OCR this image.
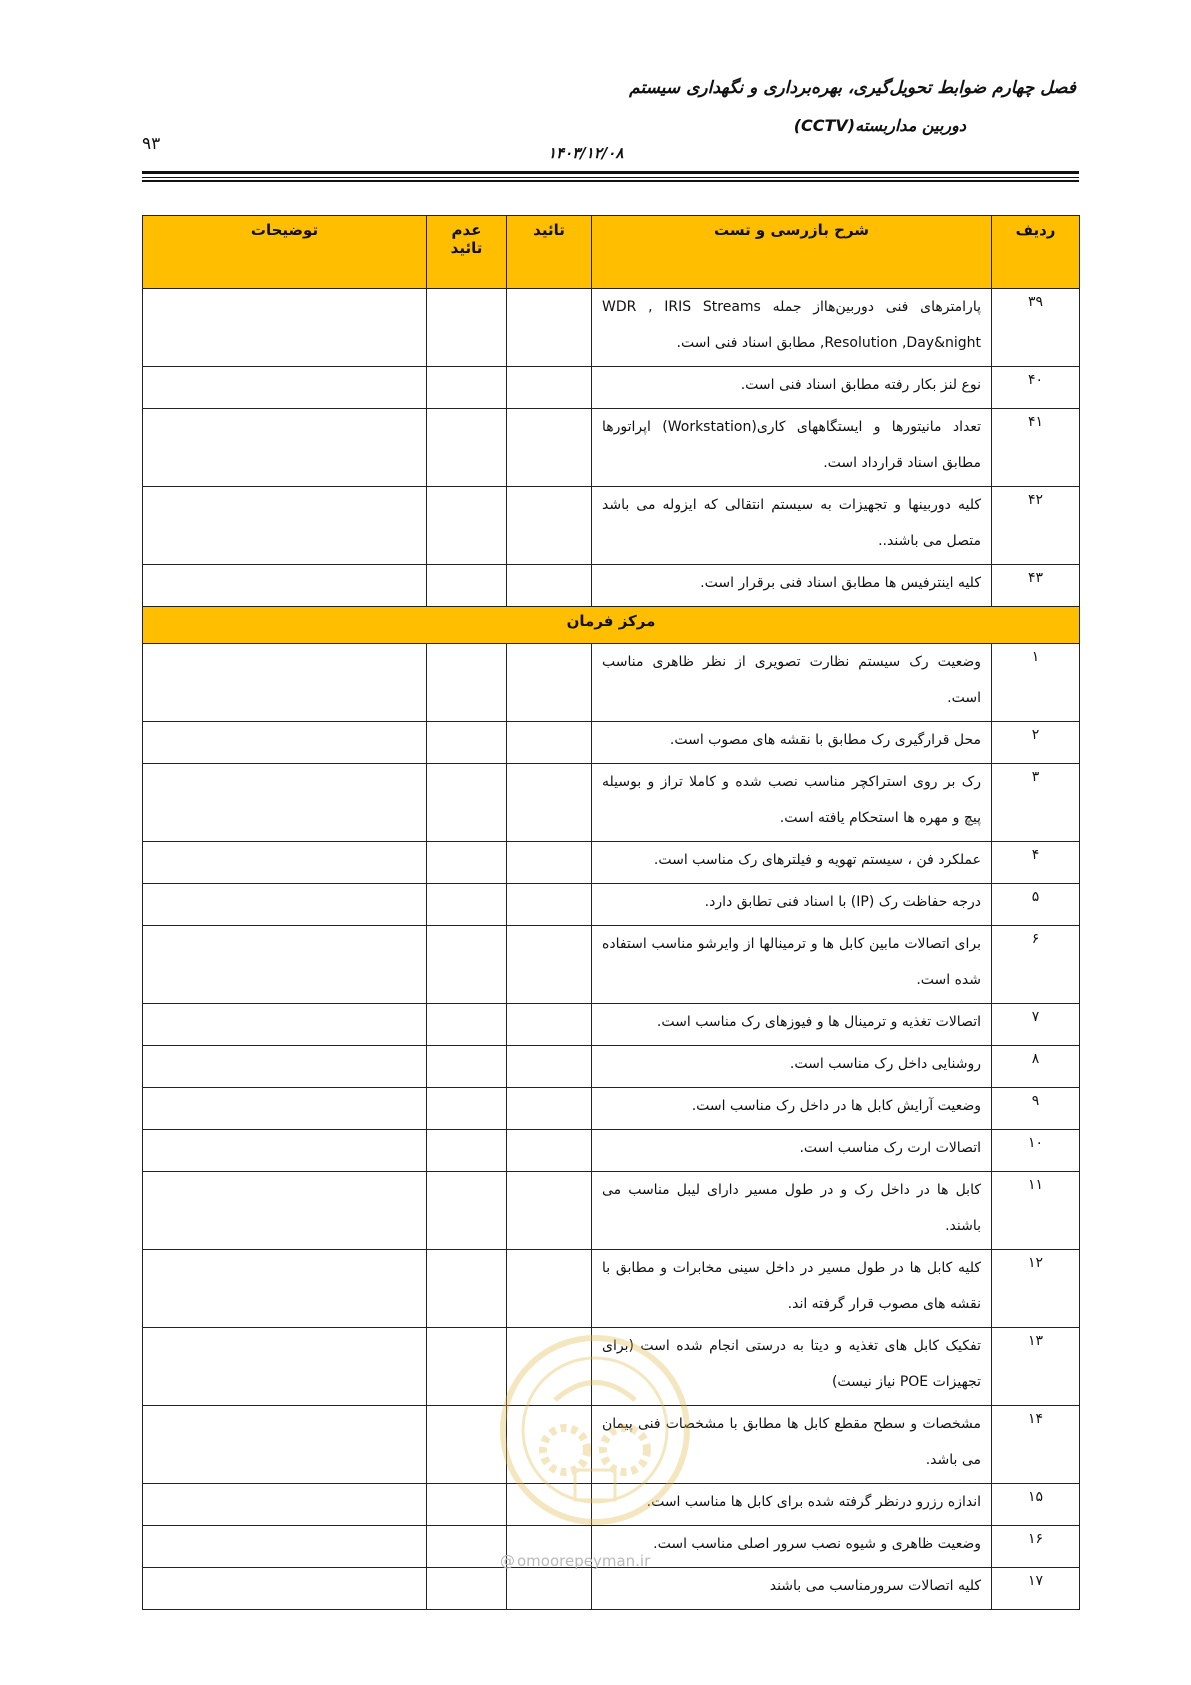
فصل چهارم ضوابط تحویل‌گیری، بهره‌برداری و نگهداری سیستم
دوربین مداربسته(CCTV)
۱۴۰۳/۱۲/۰۸
۹۳
ردیف	شرح بازرسی و تست	تائید	عدم تائید	توضیحات
۳۹	پارامترهای فنی دوربین‌هااز جمله WDR , IRIS Streams ,Resolution ,Day&night مطابق اسناد فنی است.			
۴۰	نوع لنز بکار رفته مطابق اسناد فنی است.			
۴۱	تعداد مانیتورها و ایستگاههای کاری(Workstation) اپراتورها مطابق اسناد قرارداد است.			
۴۲	کلیه دوربینها و تجهیزات به سیستم انتقالی که ایزوله می باشد متصل می باشند..			
۴۳	کلیه اینترفیس ها مطابق اسناد فنی برقرار است.			
مرکز فرمان				
۱	وضعیت رک سیستم نظارت تصویری از نظر ظاهری مناسب است.			
۲	محل قرارگیری رک مطابق با نقشه های مصوب است.			
۳	رک بر روی استراکچر مناسب نصب شده و کاملا تراز و بوسیله پیچ و مهره ها استحکام یافته است.			
۴	عملکرد فن ، سیستم تهویه و فیلترهای رک مناسب است.			
۵	درجه حفاظت رک (IP) با اسناد فنی تطابق دارد.			
۶	برای اتصالات مابین کابل ها و ترمینالها از وایرشو مناسب استفاده شده است.			
۷	اتصالات تغذیه و ترمینال ها و فیوزهای رک مناسب است.			
۸	روشنایی داخل رک مناسب است.			
۹	وضعیت آرایش کابل ها در داخل رک مناسب است.			
۱۰	اتصالات ارت رک مناسب است.			
۱۱	کابل ها در داخل رک و در طول مسیر دارای لیبل مناسب می باشند.			
۱۲	کلیه کابل ها در طول مسیر در داخل سینی مخابرات و مطابق با نقشه های مصوب قرار گرفته اند.			
۱۳	تفکیک کابل های تغذیه و دیتا به درستی انجام شده است (برای تجهیزات POE نیاز نیست)			
۱۴	مشخصات و سطح مقطع کابل ها مطابق با مشخصات فنی پیمان می باشد.			
۱۵	اندازه رزرو درنظر گرفته شده برای کابل ها مناسب است.			
۱۶	وضعیت ظاهری و شیوه نصب سرور اصلی مناسب است.			
۱۷	کلیه اتصالات سرورمناسب می باشند			
@ omoorepeyman.ir
